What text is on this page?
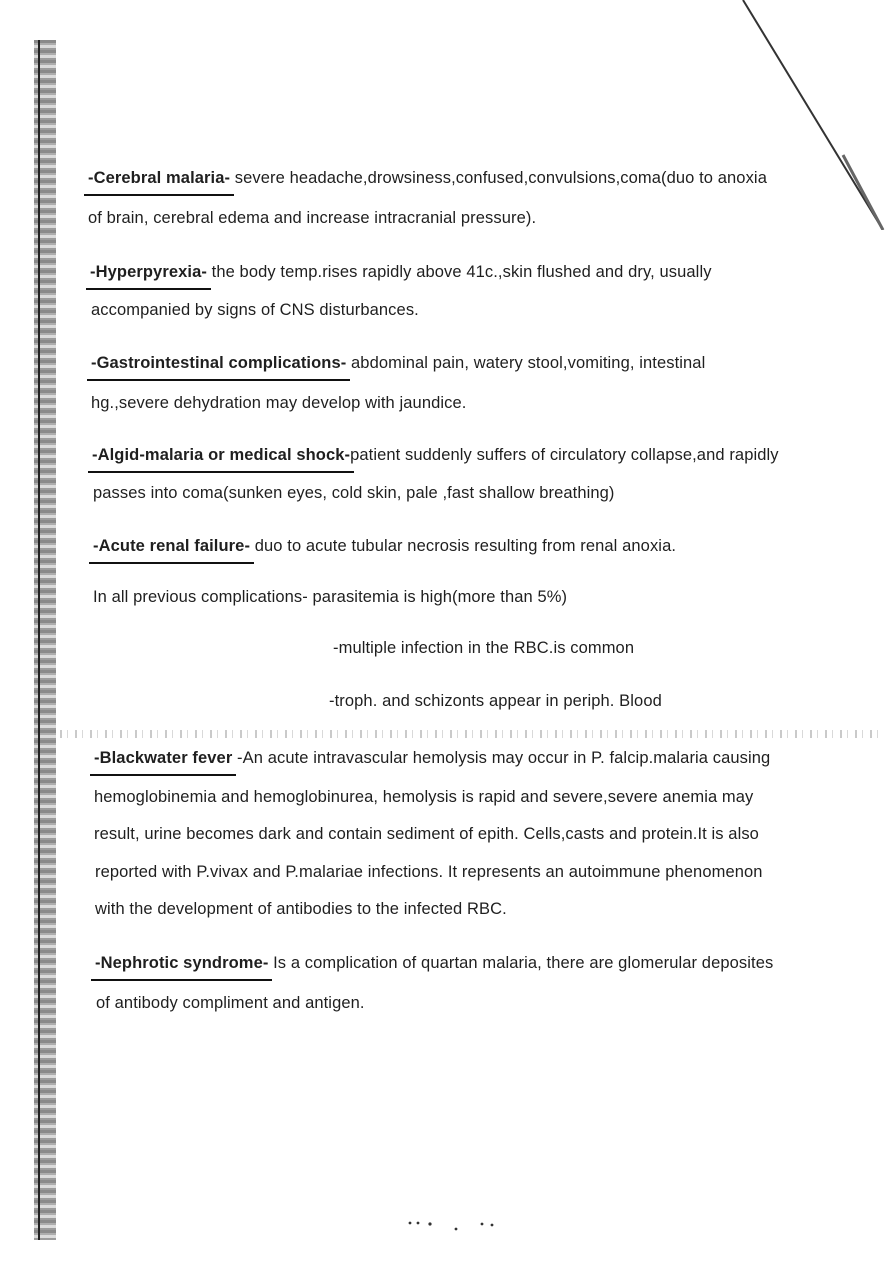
-Cerebral malaria- severe headache,drowsiness,confused,convulsions,coma(duo to anoxia
of brain, cerebral edema and increase intracranial pressure).
-Hyperpyrexia- the body temp.rises rapidly above 41c.,skin flushed and dry, usually
accompanied by signs of CNS disturbances.
-Gastrointestinal complications- abdominal pain, watery stool,vomiting, intestinal
hg.,severe dehydration may develop with jaundice.
-Algid-malaria or medical shock-patient suddenly suffers of circulatory collapse,and rapidly
passes into coma(sunken eyes, cold skin, pale ,fast shallow breathing)
-Acute renal failure- duo to acute tubular necrosis resulting from renal anoxia.
In all previous complications- parasitemia is high(more than 5%)
-multiple infection in the RBC.is common
-troph. and schizonts appear in periph. Blood
-Blackwater fever -An acute intravascular hemolysis may occur in P. falcip.malaria causing
hemoglobinemia and hemoglobinurea, hemolysis is rapid and severe,severe anemia may
result, urine becomes dark and contain sediment of epith. Cells,casts and protein.It is also
reported with P.vivax and P.malariae infections. It represents an autoimmune phenomenon
with the development of antibodies to the infected RBC.
-Nephrotic syndrome- Is a complication of quartan malaria, there are glomerular deposites
of antibody compliment and antigen.
